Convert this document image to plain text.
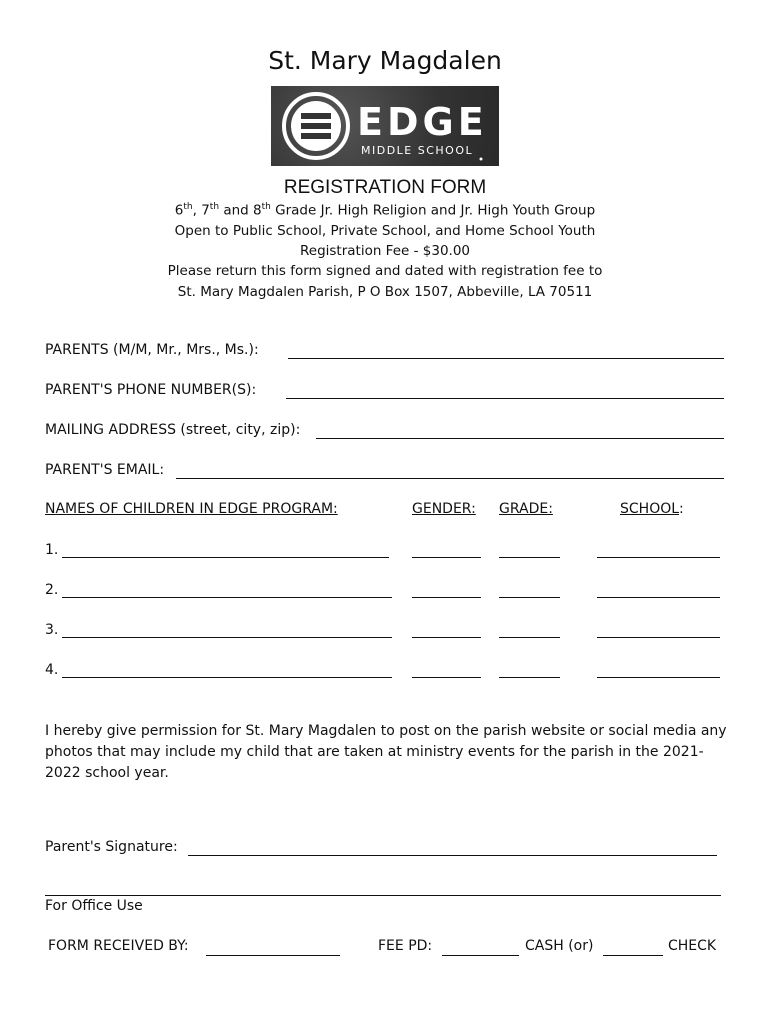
St. Mary Magdalen
EDGE
MIDDLE SCHOOL
REGISTRATION FORM
6th, 7th and 8th Grade Jr. High Religion and Jr. High Youth Group
Open to Public School, Private School, and Home School Youth
Registration Fee - $30.00
Please return this form signed and dated with registration fee to
St. Mary Magdalen Parish, P O Box 1507, Abbeville, LA 70511
PARENTS (M/M, Mr., Mrs., Ms.):
PARENT'S PHONE NUMBER(S):
MAILING ADDRESS (street, city, zip):
PARENT'S EMAIL:
NAMES OF CHILDREN IN EDGE PROGRAM:	GENDER: GRADE:	SCHOOL:
1.
2.
3.
4.
I hereby give permission for St. Mary Magdalen to post on the parish website or social media any photos that may include my child that are taken at ministry events for the parish in the 2021-2022 school year.
Parent's Signature:
For Office Use
FORM RECEIVED BY:	FEE PD:	CASH (or)	CHECK
